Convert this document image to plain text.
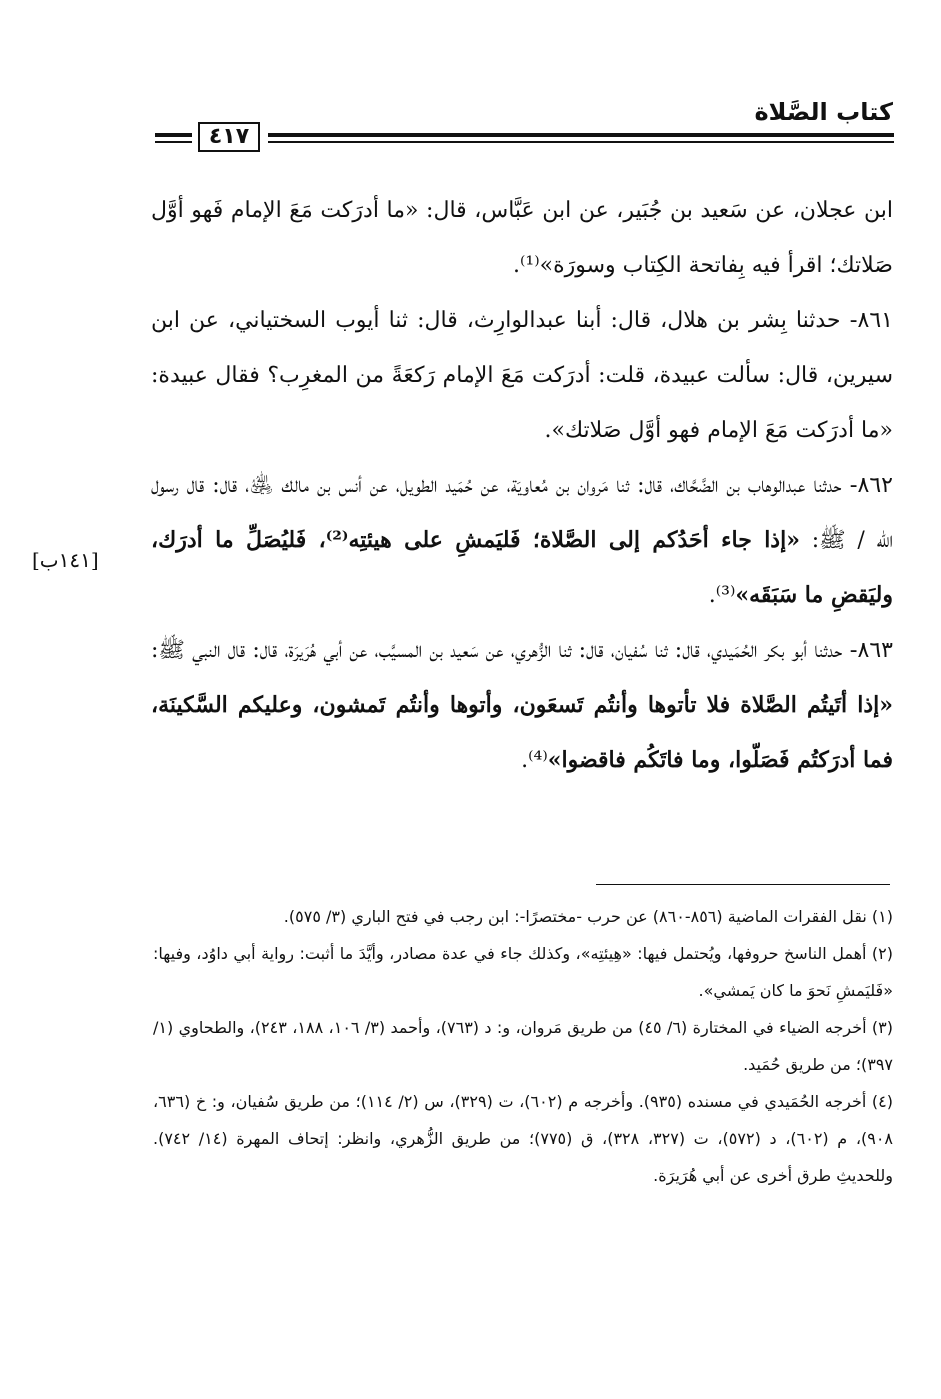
كتاب الصَّلاة
٤١٧
[١٤١ب]

ابن عجلان، عن سَعيد بن جُبَير، عن ابن عَبَّاس، قال: «ما أدرَكت مَعَ الإمام فَهو أوَّل صَلاتك؛ اقرأ فيه بِفاتحة الكِتاب وسورَة»⁽¹⁾.

٨٦١- حدثنا بِشر بن هلال، قال: أبنا عبدالوارِث، قال: ثنا أيوب السختياني، عن ابن سيرين، قال: سألت عبيدة، قلت: أدرَكت مَعَ الإمام رَكعَةً من المغرِب؟ فقال عبيدة: «ما أدرَكت مَعَ الإمام فهو أوَّل صَلاتك».

٨٦٢- حدثنا عبدالوهاب بن الضَّحَّاك، قال: ثنا مَروان بن مُعاويَة، عن حُمَيد الطويل، عن أنس بن مالك ﵁، قال: قال رسول الله / ﷺ: «إذا جاء أحَدُكم إلى الصَّلاة؛ فَليَمشِ على هيئتِه⁽²⁾، فَليُصَلِّ ما أدرَك، وليَقضِ ما سَبَقَه»⁽³⁾.

٨٦٣- حدثنا أبو بكر الحُمَيدي، قال: ثنا سُفيان، قال: ثنا الزُّهري، عن سَعيد بن المسيَّب، عن أبي هُرَيرَة، قال: قال النبي ﷺ: «إذا أتَيتُم الصَّلاة فلا تأتوها وأنتُم تَسعَون، وأتوها وأنتُم تَمشون، وعليكم السَّكينَة، فما أدرَكتُم فَصَلّوا، وما فاتَكُم فاقضوا»⁽⁴⁾.

(١) نقل الفقرات الماضية (٨٥٦-٨٦٠) عن حرب -مختصرًا-: ابن رجب في فتح الباري (٣/ ٥٧٥).

(٢) أهمل الناسخ حروفها، ويُحتمل فيها: «هِيئتِه»، وكذلك جاء في عدة مصادر، وأيَّدَ ما أثبت: رواية أبي داوُد، وفيها: «فَليَمشِ نَحوَ ما كان يَمشي».

(٣) أخرجه الضياء في المختارة (٦/ ٤٥) من طريق مَروان، و: د (٧٦٣)، وأحمد (٣/ ١٠٦، ١٨٨، ٢٤٣)، والطحاوي (١/ ٣٩٧)؛ من طريق حُمَيد.

(٤) أخرجه الحُمَيدي في مسنده (٩٣٥). وأخرجه م (٦٠٢)، ت (٣٢٩)، س (٢/ ١١٤)؛ من طريق سُفيان، و: خ (٦٣٦، ٩٠٨)، م (٦٠٢)، د (٥٧٢)، ت (٣٢٧، ٣٢٨)، ق (٧٧٥)؛ من طريق الزُّهري، وانظر: إتحاف المهرة (١٤/ ٧٤٢). وللحديثِ طرق أخرى عن أبي هُرَيرَة.
